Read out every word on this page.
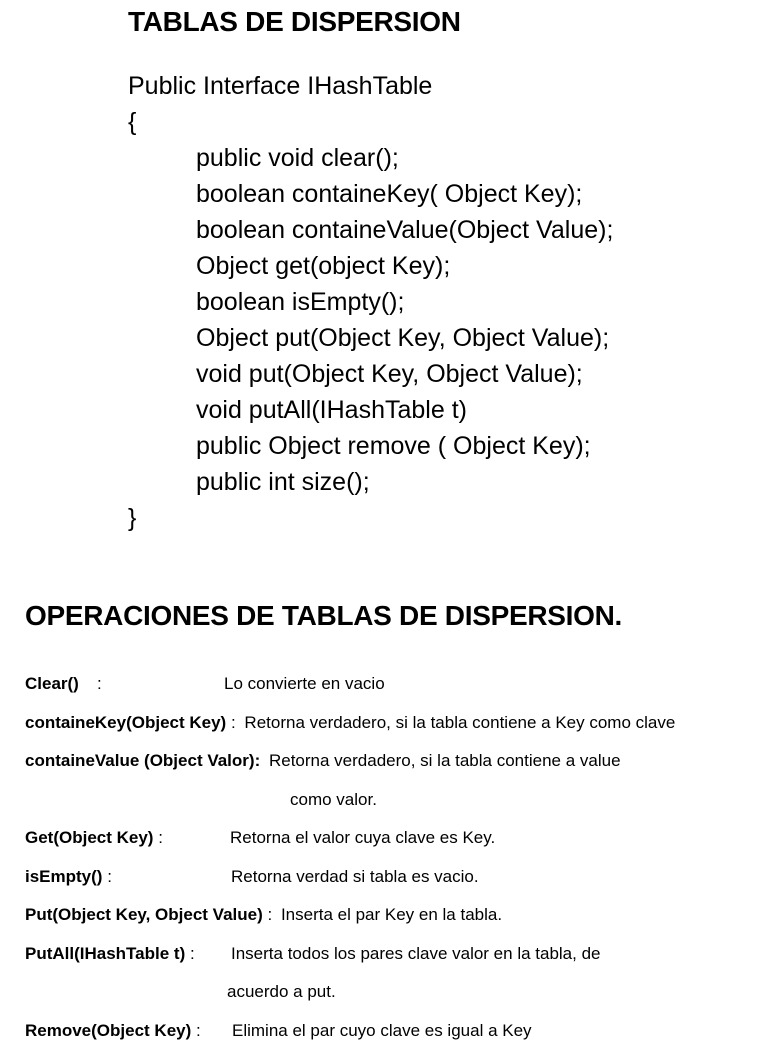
TABLAS DE DISPERSION
Public Interface IHashTable
{
public void clear();
boolean containeKey( Object Key);
boolean containeValue(Object Value);
Object get(object Key);
boolean isEmpty();
Object put(Object Key, Object Value);
void put(Object Key, Object Value);
void putAll(IHashTable t)
public Object remove ( Object Key);
public int size();
}
OPERACIONES DE TABLAS DE DISPERSION.
Clear()   :	Lo convierte en vacio
containeKey(Object Key) : Retorna verdadero, si la tabla contiene a Key como clave
containeValue (Object Valor): Retorna verdadero, si la tabla contiene a value
como valor.
Get(Object Key) :	Retorna el valor cuya clave es Key.
isEmpty() :	Retorna verdad si tabla es vacio.
Put(Object Key, Object Value) : Inserta el par Key en la tabla.
PutAll(IHashTable t) : Inserta todos los pares clave valor en la tabla, de
acuerdo a put.
Remove(Object Key) : Elimina el par cuyo clave es igual a Key
